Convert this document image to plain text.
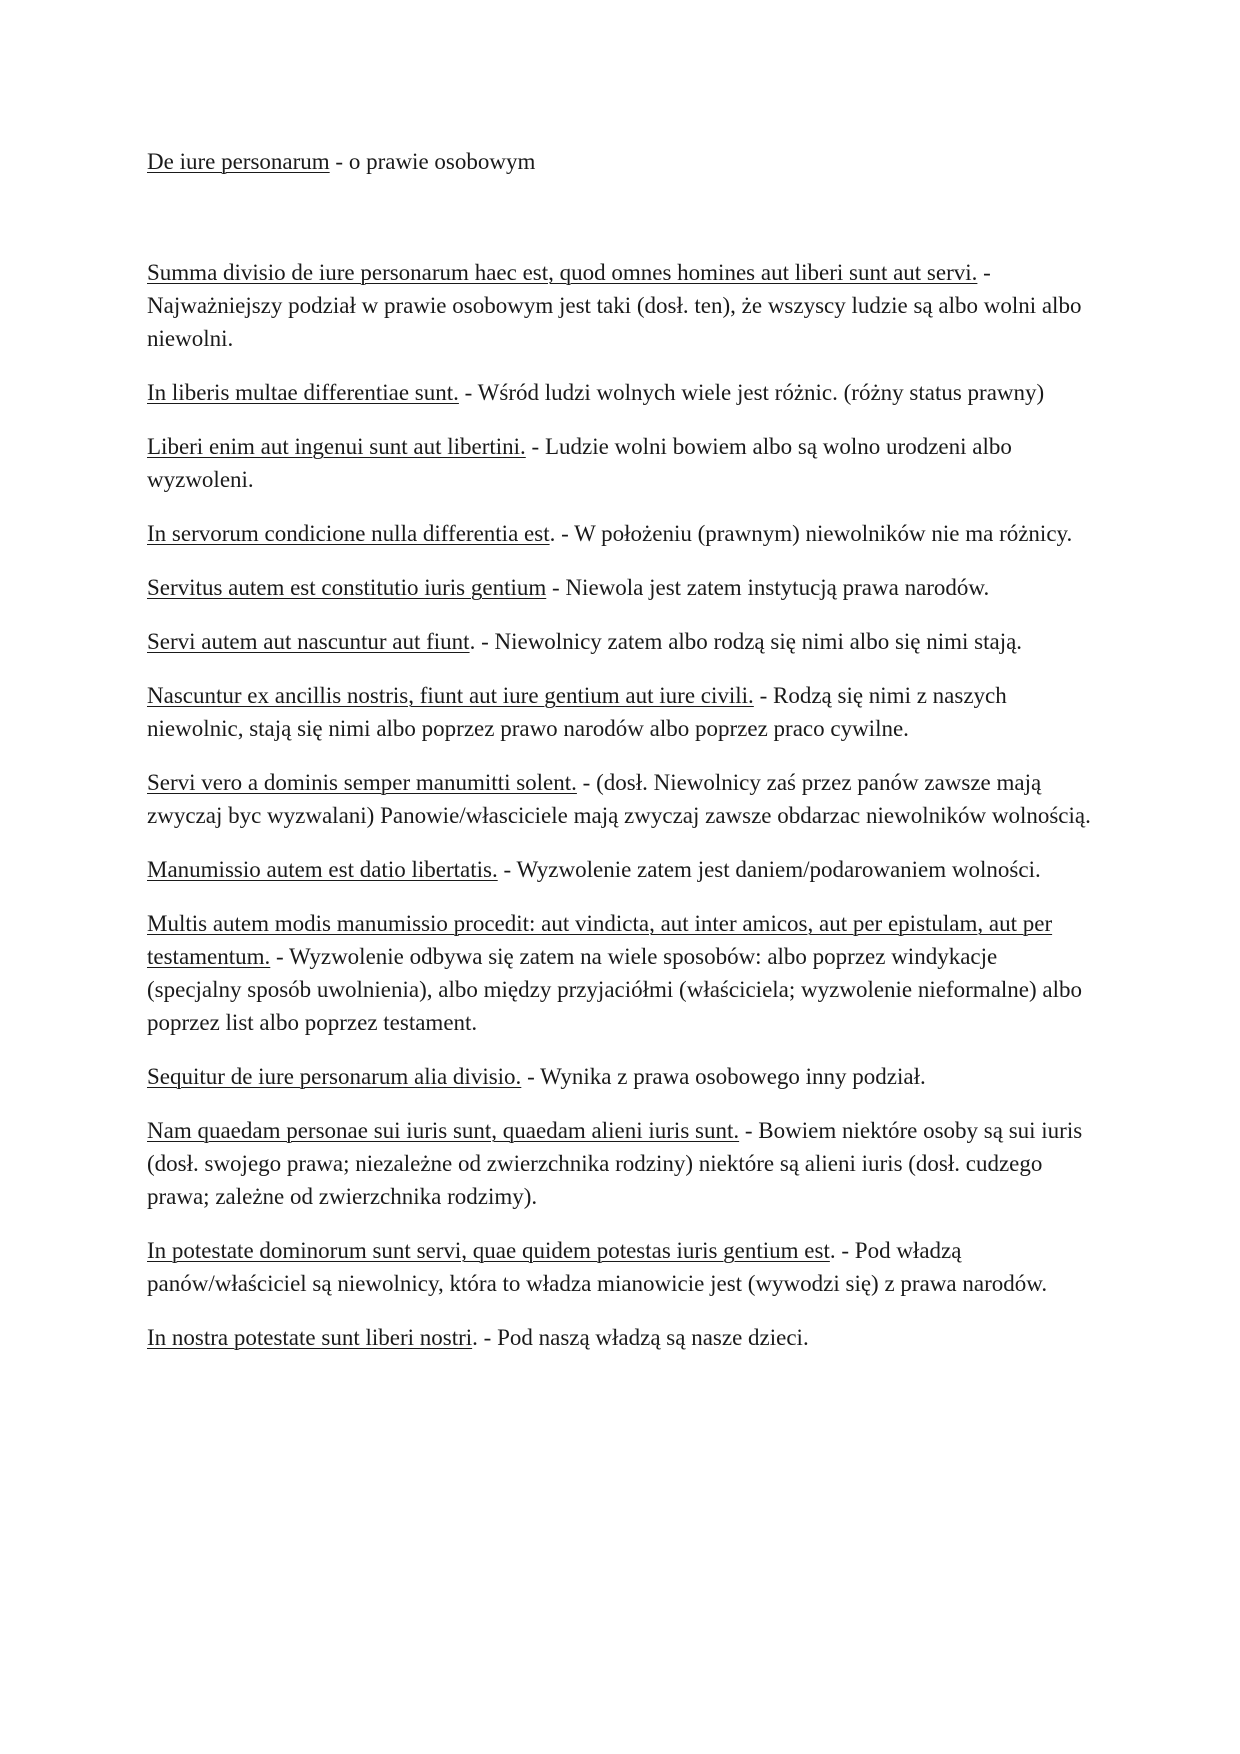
De iure personarum - o prawie osobowym

Summa divisio de iure personarum haec est, quod omnes homines aut liberi sunt aut servi. - Najważniejszy podział w prawie osobowym jest taki (dosł. ten), że wszyscy ludzie są albo wolni albo niewolni.

In liberis multae differentiae sunt. - Wśród ludzi wolnych wiele jest różnic. (różny status prawny)

Liberi enim aut ingenui sunt aut libertini. - Ludzie wolni bowiem albo są wolno urodzeni albo wyzwoleni.

In servorum condicione nulla differentia est. - W położeniu (prawnym) niewolników nie ma różnicy.

Servitus autem est constitutio iuris gentium - Niewola jest zatem instytucją prawa narodów.

Servi autem aut nascuntur aut fiunt. - Niewolnicy zatem albo rodzą się nimi albo się nimi stają.

Nascuntur ex ancillis nostris, fiunt aut iure gentium aut iure civili. - Rodzą się nimi z naszych niewolnic, stają się nimi albo poprzez prawo narodów albo poprzez praco cywilne.

Servi vero a dominis semper manumitti solent. - (dosł. Niewolnicy zaś przez panów zawsze mają zwyczaj byc wyzwalani) Panowie/własciciele mają zwyczaj zawsze obdarzac niewolników wolnością.

Manumissio autem est datio libertatis. - Wyzwolenie zatem jest daniem/podarowaniem wolności.

Multis autem modis manumissio procedit: aut vindicta, aut inter amicos, aut per epistulam, aut per testamentum. - Wyzwolenie odbywa się zatem na wiele sposobów: albo poprzez windykacje (specjalny sposób uwolnienia), albo między przyjaciółmi (właściciela; wyzwolenie nieformalne) albo poprzez list albo poprzez testament.

Sequitur de iure personarum alia divisio. - Wynika z prawa osobowego inny podział.

Nam quaedam personae sui iuris sunt, quaedam alieni iuris sunt. - Bowiem niektóre osoby są sui iuris (dosł. swojego prawa; niezależne od zwierzchnika rodziny) niektóre są alieni iuris (dosł. cudzego prawa; zależne od zwierzchnika rodzimy).

In potestate dominorum sunt servi, quae quidem potestas iuris gentium est. - Pod władzą panów/właściciel są niewolnicy, która to władza mianowicie jest (wywodzi się) z prawa narodów.

In nostra potestate sunt liberi nostri. - Pod naszą władzą są nasze dzieci.
